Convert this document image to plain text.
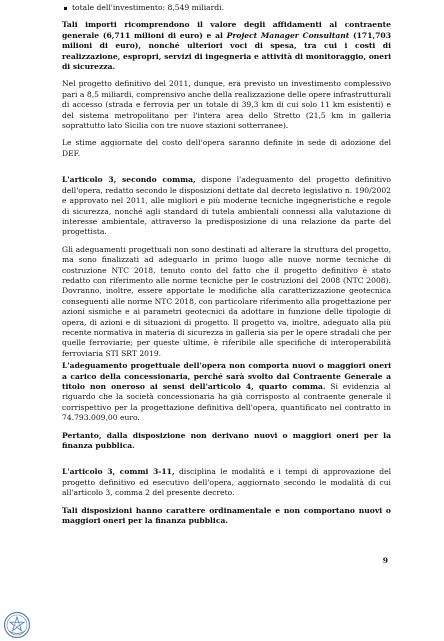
totale dell'investimento: 8,549 miliardi.

Tali importi ricomprendono il valore degli affidamenti al contraente generale (6,711 milioni di euro) e al Project Manager Consultant (171,703 milioni di euro), nonché ulteriori voci di spesa, tra cui i costi di realizzazione, espropri, servizi di ingegneria e attività di monitoraggio, oneri di sicurezza.

Nel progetto definitivo del 2011, dunque, era previsto un investimento complessivo pari a 8,5 miliardi, comprensivo anche della realizzazione delle opere infrastrutturali di accesso (strada e ferrovia per un totale di 39,3 km di cui solo 11 km esistenti) e del sistema metropolitano per l'intera area dello Stretto (21,5 km in galleria soprattutto lato Sicilia con tre nuove stazioni sotterranee).

Le stime aggiornate del costo dell'opera saranno definite in sede di adozione del DEF.

L'articolo 3, secondo comma, dispone l'adeguamento del progetto definitivo dell'opera, redatto secondo le disposizioni dettate dal decreto legislativo n. 190/2002 e approvato nel 2011, alle migliori e più moderne tecniche ingegneristiche e regole di sicurezza, nonché agli standard di tutela ambientali connessi alla valutazione di interesse ambientale, attraverso la predisposizione di una relazione da parte del progettista.

Gli adeguamenti progettuali non sono destinati ad alterare la struttura del progetto, ma sono finalizzati ad adeguarlo in primo luogo alle nuove norme tecniche di costruzione NTC 2018, tenuto conto del fatto che il progetto definitivo è stato redatto con riferimento alle norme tecniche per le costruzioni del 2008 (NTC 2008). Dovranno, inoltre, essere apportate le modifiche alla caratterizzazione geotecnica conseguenti alle norme NTC 2018, con particolare riferimento alla progettazione per azioni sismiche e ai parametri geotecnici da adottare in funzione delle tipologie di opera, di azioni e di situazioni di progetto. Il progetto va, inoltre, adeguato alla più recente normativa in materia di sicurezza in galleria sia per le opere stradali che per quelle ferroviarie; per queste ultime, è riferibile alle specifiche di interoperabilità ferroviaria STI SRT 2019.

L'adeguamento progettuale dell'opera non comporta nuovi o maggiori oneri a carico della concessionaria, perché sarà svolto dal Contraente Generale a titolo non oneroso ai sensi dell'articolo 4, quarto comma. Si evidenzia al riguardo che la società concessionaria ha già corrisposto al contraente generale il corrispettivo per la progettazione definitiva dell'opera, quantificato nel contratto in 74.793.009,00 euro.

Pertanto, dalla disposizione non derivano nuovi o maggiori oneri per la finanza pubblica.

L'articolo 3, commi 3-11, disciplina le modalità e i tempi di approvazione del progetto definitivo ed esecutivo dell'opera, aggiornato secondo le modalità di cui all'articolo 3, comma 2 del presente decreto.

Tali disposizioni hanno carattere ordinamentale e non comportano nuovi o maggiori oneri per la finanza pubblica.

9
